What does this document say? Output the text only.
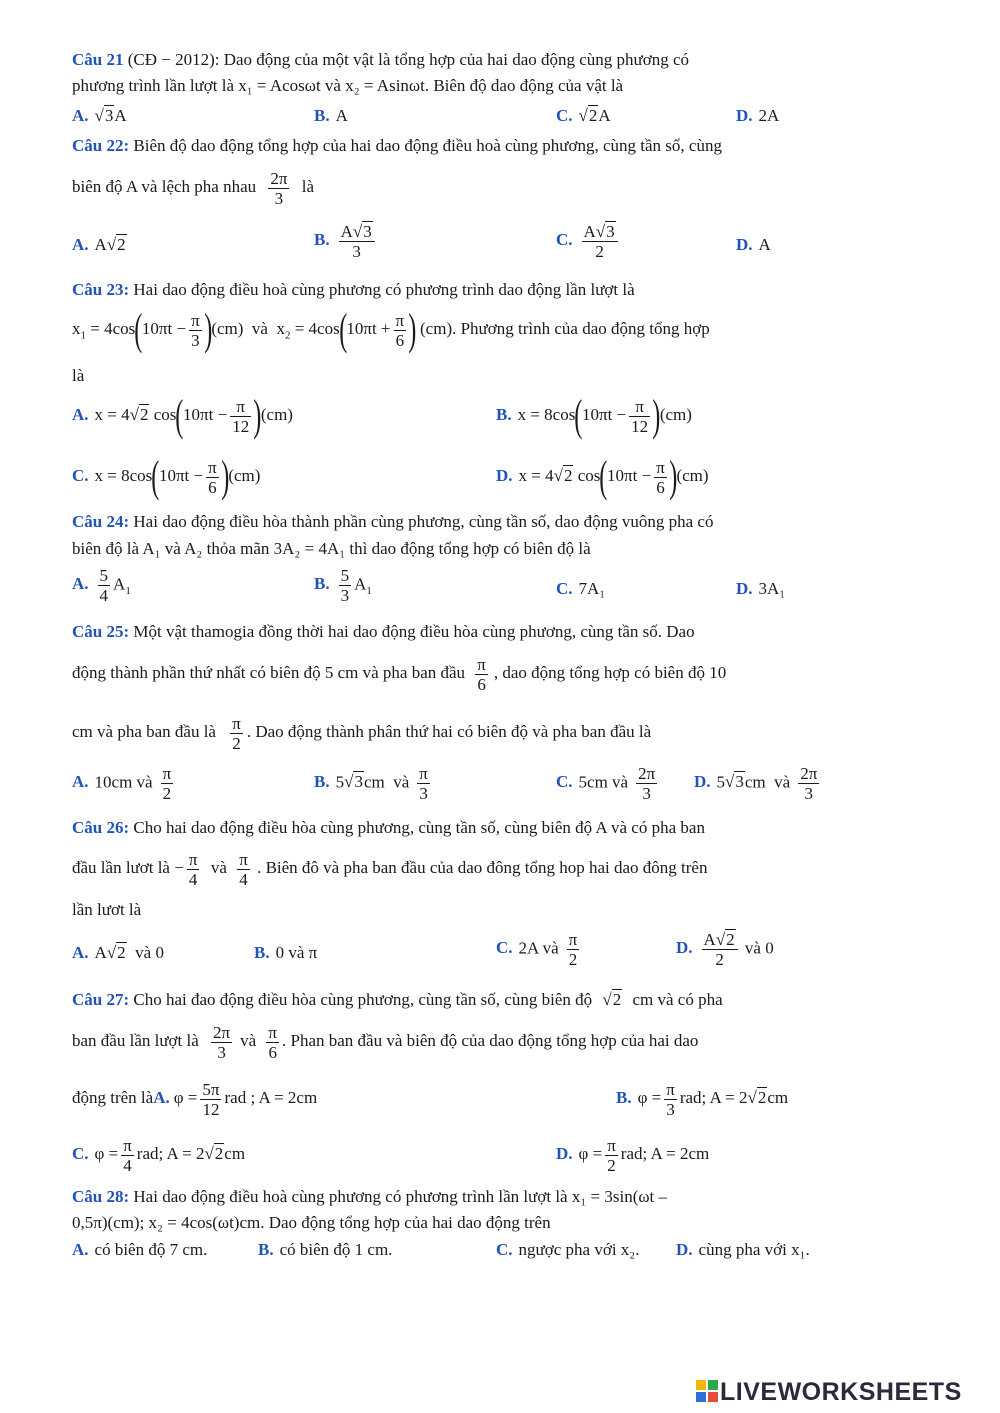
Câu 21 (CĐ − 2012): Dao động của một vật là tổng hợp của hai dao động cùng phương có
phương trình lần lượt là x₁ = Acosωt và x₂ = Asinωt. Biên độ dao động của vật là
A. √3A	B. A	C. √2A	D. 2A
Câu 22: Biên độ dao động tổng hợp của hai dao động điều hoà cùng phương, cùng tần số, cùng
biên độ A và lệch pha nhau $\frac{2\pi}{3}$ là
A. A√2	B. $\frac{A√3}{3}$	C. $\frac{A√3}{2}$	D. A
Câu 23: Hai dao động điều hoà cùng phương có phương trình dao động lần lượt là
$x_1 = 4\cos(10\pi t - \frac{\pi}{3} )(cm)$  và  $x_2 = 4\cos(10\pi t + \frac{\pi}{6}$ ) (cm). Phương trình của dao động tổng hợp
là
A. x = 4√2 $\cos(10\pi t - \frac{\pi}{12} )(cm)$	B. $x = 8\cos(10\pi t - \frac{\pi}{12} )(cm)$
C. $x = 8\cos(10\pi t - \frac{\pi}{6} )(cm)$	D. x = 4√2 $\cos(10\pi t - \frac{\pi}{6} )(cm)$
Câu 24: Hai dao động điều hòa thành phần cùng phương, cùng tần số, dao động vuông pha có
biên độ là A₁ và A₂ thỏa mãn 3A₂ = 4A₁ thì dao động tổng hợp có biên độ là
A. $\frac{5}{4} A_1$	B. $\frac{5}{3} A_1$	C. 7A₁	D. 3A₁
Câu 25: Một vật thamogia đồng thời hai dao động điều hòa cùng phương, cùng tần số. Dao
động thành phần thứ nhất có biên độ 5 cm và pha ban đầu $\frac{\pi}{6}$ , dao động tổng hợp có biên độ 10
cm và pha ban đầu là $\frac{\pi}{2}$ . Dao động thành phân thứ hai có biên độ và pha ban đầu là
A. 10cm và $\frac{\pi}{2}$	B. 5√3cm  và $\frac{\pi}{3}$	C. 5cm và $\frac{2\pi}{3} D$. 5√3cm  và $\frac{2\pi}{3}$
Câu 26: Cho hai dao động điều hòa cùng phương, cùng tần số, cùng biên độ A và có pha ban
đầu lần lươt là − $\frac{\pi}{4}$ và $\frac{\pi}{4}$ . Biên đô và pha ban đầu của dao đông tổng hop hai dao đông trên
lần lươt là
A. A√2 và 0	B. 0 và π	C. 2A và $\frac{\pi}{2}$	D. $\frac{A√2}{2}$ và 0
Câu 27: Cho hai đao động điều hòa cùng phương, cùng tần số, cùng biên độ √2 cm và có pha
ban đầu lần lượt là $\frac{2\pi}{3}$ và $\frac{\pi}{6}$ . Phan ban đầu và biên độ của dao động tổng hợp của hai dao
động trên làA. $\varphi = \frac{5\pi}{12}$ rad ; A = 2cm	B. $\varphi = \frac{\pi}{3}$ rad; A = 2√2cm
C. $\varphi = \frac{\pi}{4}$ rad; A = 2√2cm	D. $\varphi = \frac{\pi}{2}$ rad; A = 2cm
Câu 28: Hai dao động điều hoà cùng phương có phương trình lần lượt là x₁ = 3sin(ωt –
0,5π)(cm); x₂ = 4cos(ωt)cm. Dao động tổng hợp của hai dao động trên
A. có biên độ 7 cm.	B. có biên độ 1 cm.	C. ngược pha với x₂. D. cùng pha với x₁.
LIVEWORKSHEETS
